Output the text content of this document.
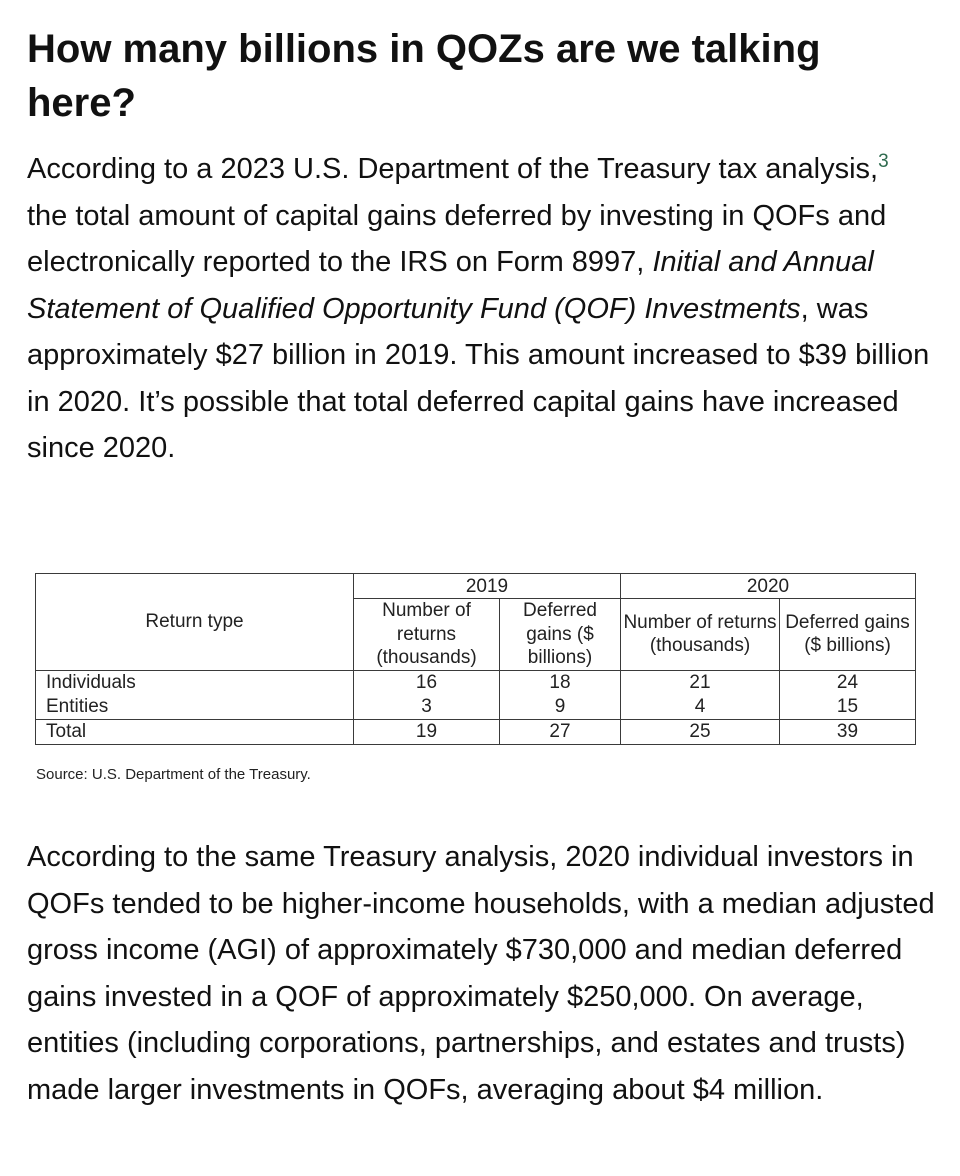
How many billions in QOZs are we talking here?

According to a 2023 U.S. Department of the Treasury tax analysis,$^3$ the total amount of capital gains deferred by investing in QOFs and electronically reported to the IRS on Form 8997, Initial and Annual Statement of Qualified Opportunity Fund (QOF) Investments, was approximately $27 billion in 2019. This amount increased to $39 billion in 2020. It’s possible that total deferred capital gains have increased since 2020.

Return type	2019		2020	
	Number of returns (thousands)	Deferred gains ($ billions)	Number of returns (thousands)	Deferred gains ($ billions)
Individuals	16	18	21	24
Entities	3	9	4	15
Total	19	27	25	39

Source: U.S. Department of the Treasury.

According to the same Treasury analysis, 2020 individual investors in QOFs tended to be higher-income households, with a median adjusted gross income (AGI) of approximately $730,000 and median deferred gains invested in a QOF of approximately $250,000. On average, entities (including corporations, partnerships, and estates and trusts) made larger investments in QOFs, averaging about $4 million.
